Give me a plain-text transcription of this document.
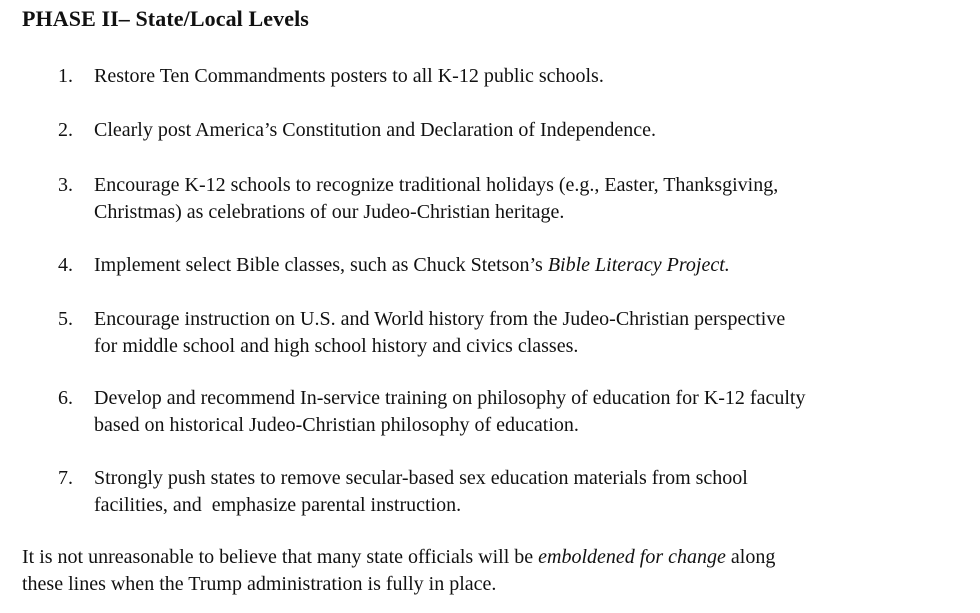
PHASE II– State/Local Levels
1.	Restore Ten Commandments posters to all K-12 public schools.
2.	Clearly post America’s Constitution and Declaration of Independence.
3.	Encourage K-12 schools to recognize traditional holidays (e.g., Easter, Thanksgiving,
Christmas) as celebrations of our Judeo-Christian heritage.
4.	Implement select Bible classes, such as Chuck Stetson’s Bible Literacy Project.
5.	Encourage instruction on U.S. and World history from the Judeo-Christian perspective
for middle school and high school history and civics classes.
6.	Develop and recommend In-service training on philosophy of education for K-12 faculty
based on historical Judeo-Christian philosophy of education.
7.	Strongly push states to remove secular-based sex education materials from school
facilities, and  emphasize parental instruction.
It is not unreasonable to believe that many state officials will be emboldened for change along
these lines when the Trump administration is fully in place.
